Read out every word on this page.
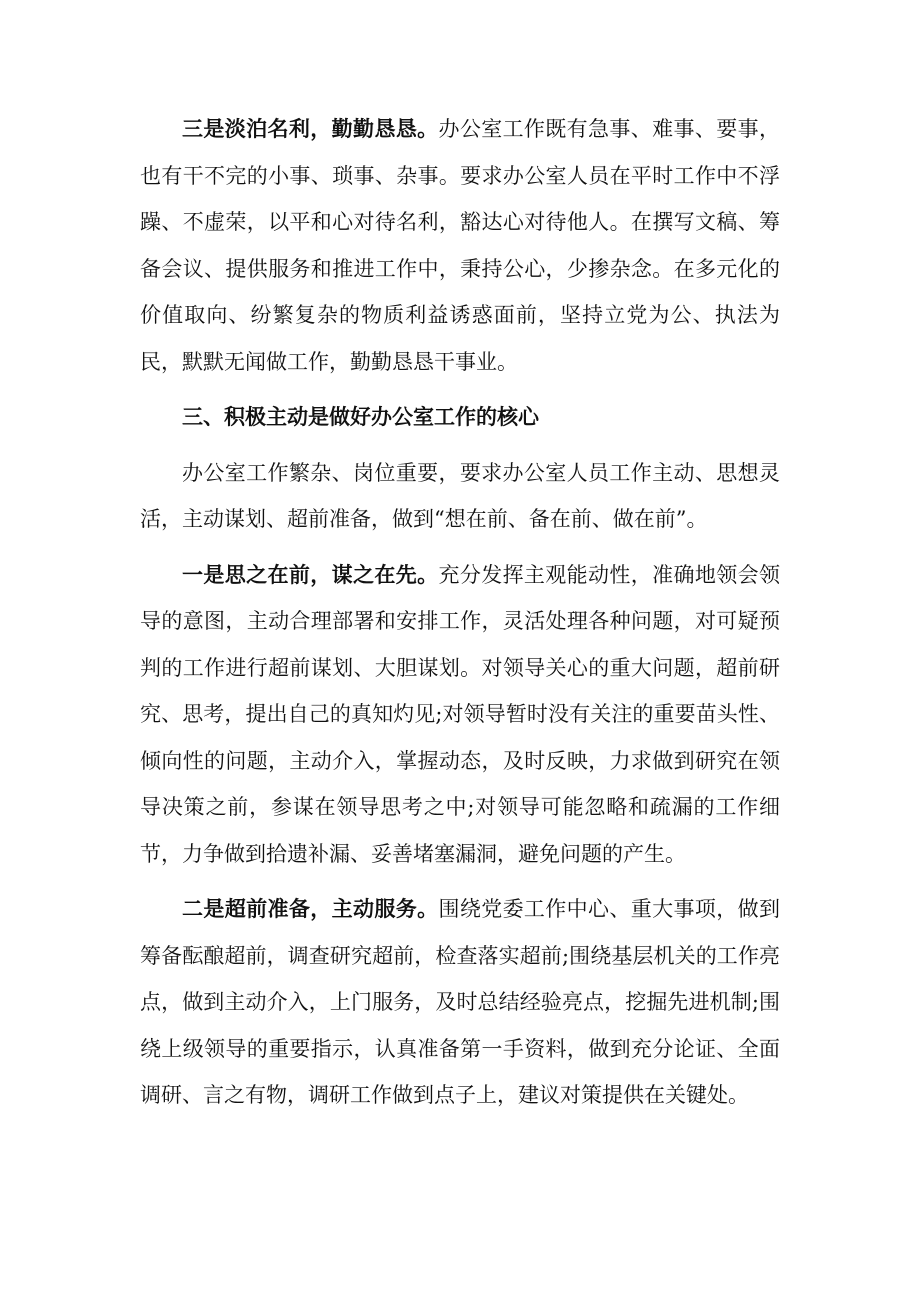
三是淡泊名利，勤勤恳恳。办公室工作既有急事、难事、要事，也有干不完的小事、琐事、杂事。要求办公室人员在平时工作中不浮躁、不虚荣，以平和心对待名利，豁达心对待他人。在撰写文稿、筹备会议、提供服务和推进工作中，秉持公心，少掺杂念。在多元化的价值取向、纷繁复杂的物质利益诱惑面前，坚持立党为公、执法为民，默默无闻做工作，勤勤恳恳干事业。

三、积极主动是做好办公室工作的核心

办公室工作繁杂、岗位重要，要求办公室人员工作主动、思想灵活，主动谋划、超前准备，做到“想在前、备在前、做在前”。

一是思之在前，谋之在先。充分发挥主观能动性，准确地领会领导的意图，主动合理部署和安排工作，灵活处理各种问题，对可疑预判的工作进行超前谋划、大胆谋划。对领导关心的重大问题，超前研究、思考，提出自己的真知灼见;对领导暂时没有关注的重要苗头性、倾向性的问题，主动介入，掌握动态，及时反映，力求做到研究在领导决策之前，参谋在领导思考之中;对领导可能忽略和疏漏的工作细节，力争做到拾遗补漏、妥善堵塞漏洞，避免问题的产生。

二是超前准备，主动服务。围绕党委工作中心、重大事项，做到筹备酝酿超前，调查研究超前，检查落实超前;围绕基层机关的工作亮点，做到主动介入，上门服务，及时总结经验亮点，挖掘先进机制;围绕上级领导的重要指示，认真准备第一手资料，做到充分论证、全面调研、言之有物，调研工作做到点子上，建议对策提供在关键处。
